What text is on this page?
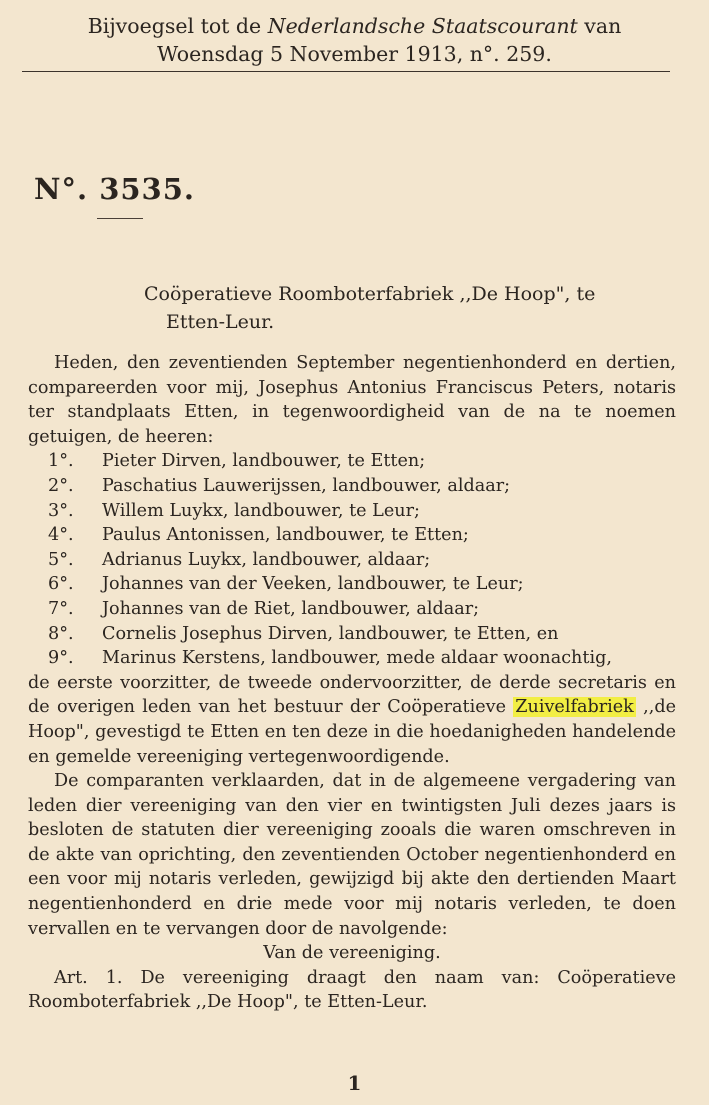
Bijvoegsel tot de Nederlandsche Staatscourant van
Woensdag 5 November 1913, n°. 259.
N°. 3535.
Coöperatieve Roomboterfabriek ,,De Hoop", te
Etten-Leur.

Heden, den zeventienden September negentienhonderd en dertien, compareerden voor mij, Josephus Antonius Franciscus Peters, notaris ter standplaats Etten, in tegenwoordigheid van de na te noemen getuigen, de heeren:

1°.	Pieter Dirven, landbouwer, te Etten;
2°.	Paschatius Lauwerijssen, landbouwer, aldaar;
3°.	Willem Luykx, landbouwer, te Leur;
4°.	Paulus Antonissen, landbouwer, te Etten;
5°.	Adrianus Luykx, landbouwer, aldaar;
6°.	Johannes van der Veeken, landbouwer, te Leur;
7°.	Johannes van de Riet, landbouwer, aldaar;
8°.	Cornelis Josephus Dirven, landbouwer, te Etten, en
9°.	Marinus Kerstens, landbouwer, mede aldaar woonachtig,

de eerste voorzitter, de tweede ondervoorzitter, de derde secretaris en de overigen leden van het bestuur der Coöperatieve Zuivelfabriek ,,de Hoop", gevestigd te Etten en ten deze in die hoedanigheden handelende en gemelde vereeniging vertegenwoordigende.

De comparanten verklaarden, dat in de algemeene vergadering van leden dier vereeniging van den vier en twintigsten Juli dezes jaars is besloten de statuten dier vereeniging zooals die waren omschreven in de akte van oprichting, den zeventienden October negentienhonderd en een voor mij notaris verleden, gewijzigd bij akte den dertienden Maart negentienhonderd en drie mede voor mij notaris verleden, te doen vervallen en te vervangen door de navolgende:

Van de vereeniging.

Art. 1. De vereeniging draagt den naam van: Coöperatieve Roomboterfabriek ,,De Hoop", te Etten-Leur.

1
